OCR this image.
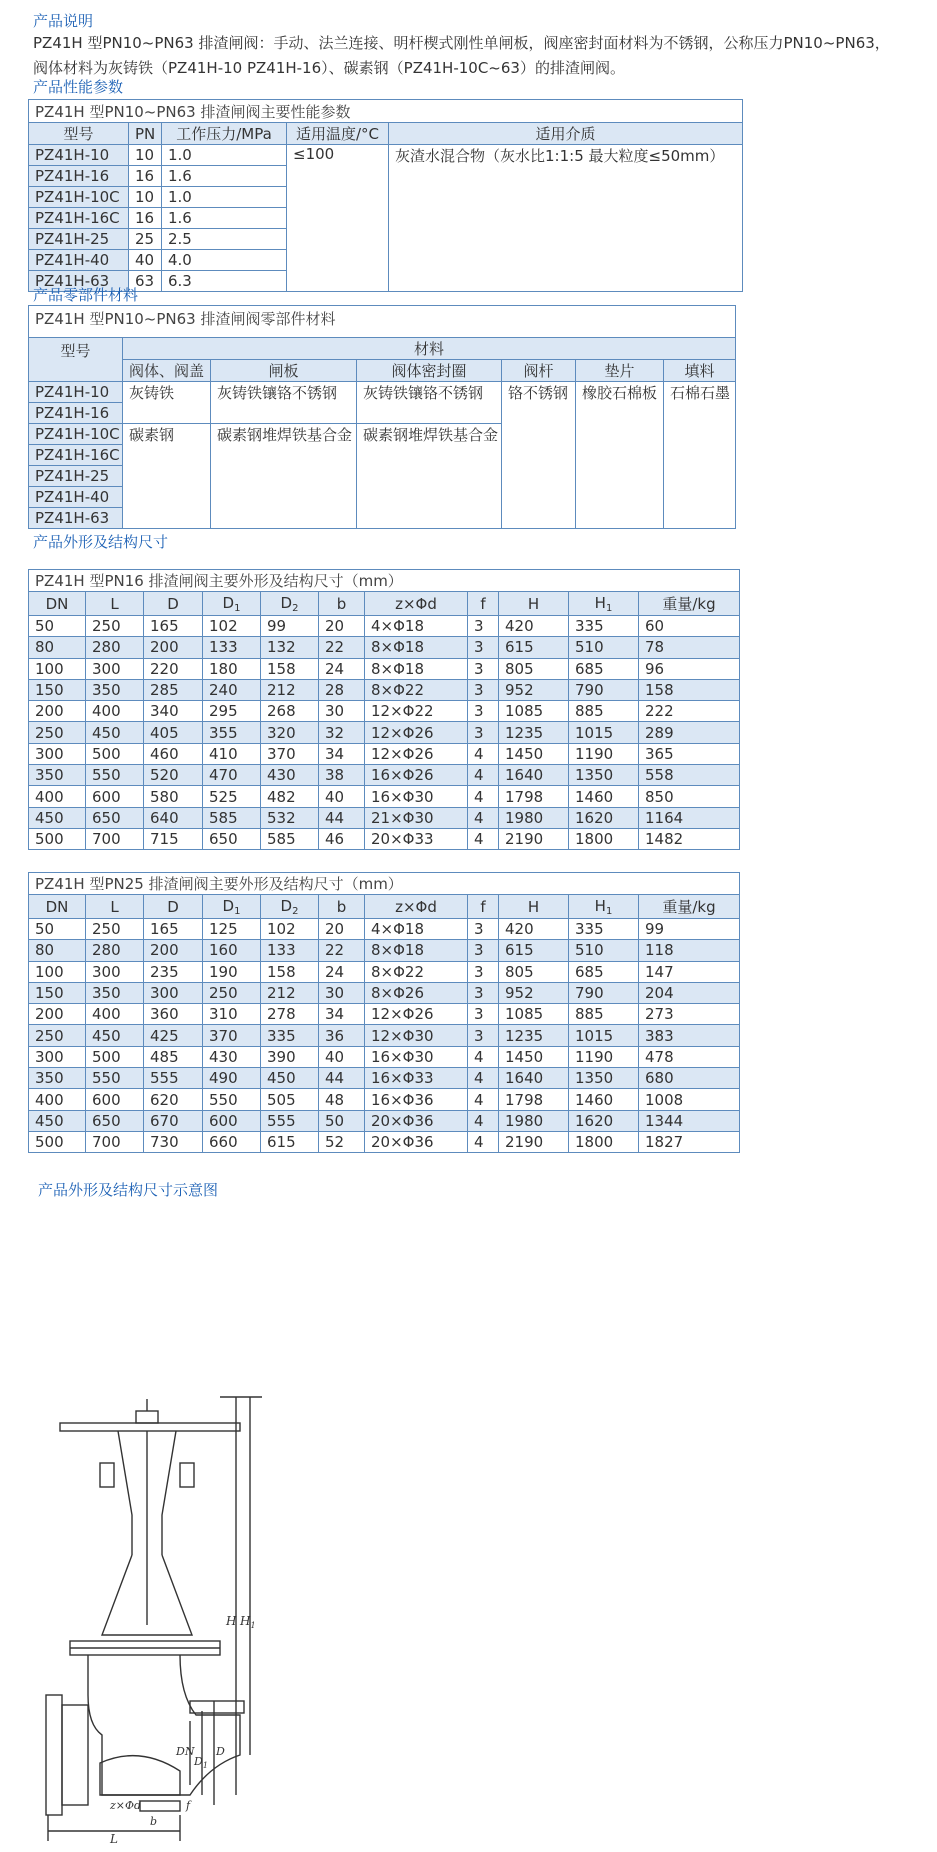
产品说明
PZ41H 型PN10~PN63 排渣闸阀：手动、法兰连接、明杆楔式刚性单闸板，阀座密封面材料为不锈钢，公称压力PN10~PN63，
阀体材料为灰铸铁（PZ41H-10 PZ41H-16）、碳素钢（PZ41H-10C~63）的排渣闸阀。
产品性能参数
PZ41H 型PN10~PN63 排渣闸阀主要性能参数				
型号	PN	工作压力/MPa	适用温度/°C	适用介质
PZ41H-10	10	1.0	≤100	灰渣水混合物（灰水比1:1:5 最大粒度≤50mm）
PZ41H-16	16	1.6		
PZ41H-10C	10	1.0		
PZ41H-16C	16	1.6		
PZ41H-25	25	2.5		
PZ41H-40	40	4.0		
PZ41H-63	63	6.3		
产品零部件材料
PZ41H 型PN10~PN63 排渣闸阀零部件材料						
型号	材料					
	阀体、阀盖	闸板	阀体密封圈	阀杆	垫片	填料
PZ41H-10	灰铸铁	灰铸铁镶铬不锈钢	灰铸铁镶铬不锈钢	铬不锈钢	橡胶石棉板	石棉石墨
PZ41H-16						
PZ41H-10C	碳素钢	碳素钢堆焊铁基合金	碳素钢堆焊铁基合金			
PZ41H-16C						
PZ41H-25						
PZ41H-40						
PZ41H-63						
产品外形及结构尺寸
PZ41H 型PN16 排渣闸阀主要外形及结构尺寸（mm）										
DN	L	D	$D_1$	$D_2$	b	z×Φd	f	H	$H_1$	重量/kg
50	250	165	102	99	20	4×Φ18	3	420	335	60
80	280	200	133	132	22	8×Φ18	3	615	510	78
100	300	220	180	158	24	8×Φ18	3	805	685	96
150	350	285	240	212	28	8×Φ22	3	952	790	158
200	400	340	295	268	30	12×Φ22	3	1085	885	222
250	450	405	355	320	32	12×Φ26	3	1235	1015	289
300	500	460	410	370	34	12×Φ26	4	1450	1190	365
350	550	520	470	430	38	16×Φ26	4	1640	1350	558
400	600	580	525	482	40	16×Φ30	4	1798	1460	850
450	650	640	585	532	44	21×Φ30	4	1980	1620	1164
500	700	715	650	585	46	20×Φ33	4	2190	1800	1482
PZ41H 型PN25 排渣闸阀主要外形及结构尺寸（mm）										
DN	L	D	$D_1$	$D_2$	b	z×Φd	f	H	$H_1$	重量/kg
50	250	165	125	102	20	4×Φ18	3	420	335	99
80	280	200	160	133	22	8×Φ18	3	615	510	118
100	300	235	190	158	24	8×Φ22	3	805	685	147
150	350	300	250	212	30	8×Φ26	3	952	790	204
200	400	360	310	278	34	12×Φ26	3	1085	885	273
250	450	425	370	335	36	12×Φ30	3	1235	1015	383
300	500	485	430	390	40	16×Φ30	4	1450	1190	478
350	550	555	490	450	44	16×Φ33	4	1640	1350	680
400	600	620	550	505	48	16×Φ36	4	1798	1460	1008
450	650	670	600	555	50	20×Φ36	4	1980	1620	1344
500	700	730	660	615	52	20×Φ36	4	2190	1800	1827
产品外形及结构尺寸示意图
H $H_1$
DN
$D_1$
D
z×Φd
b
f
L
